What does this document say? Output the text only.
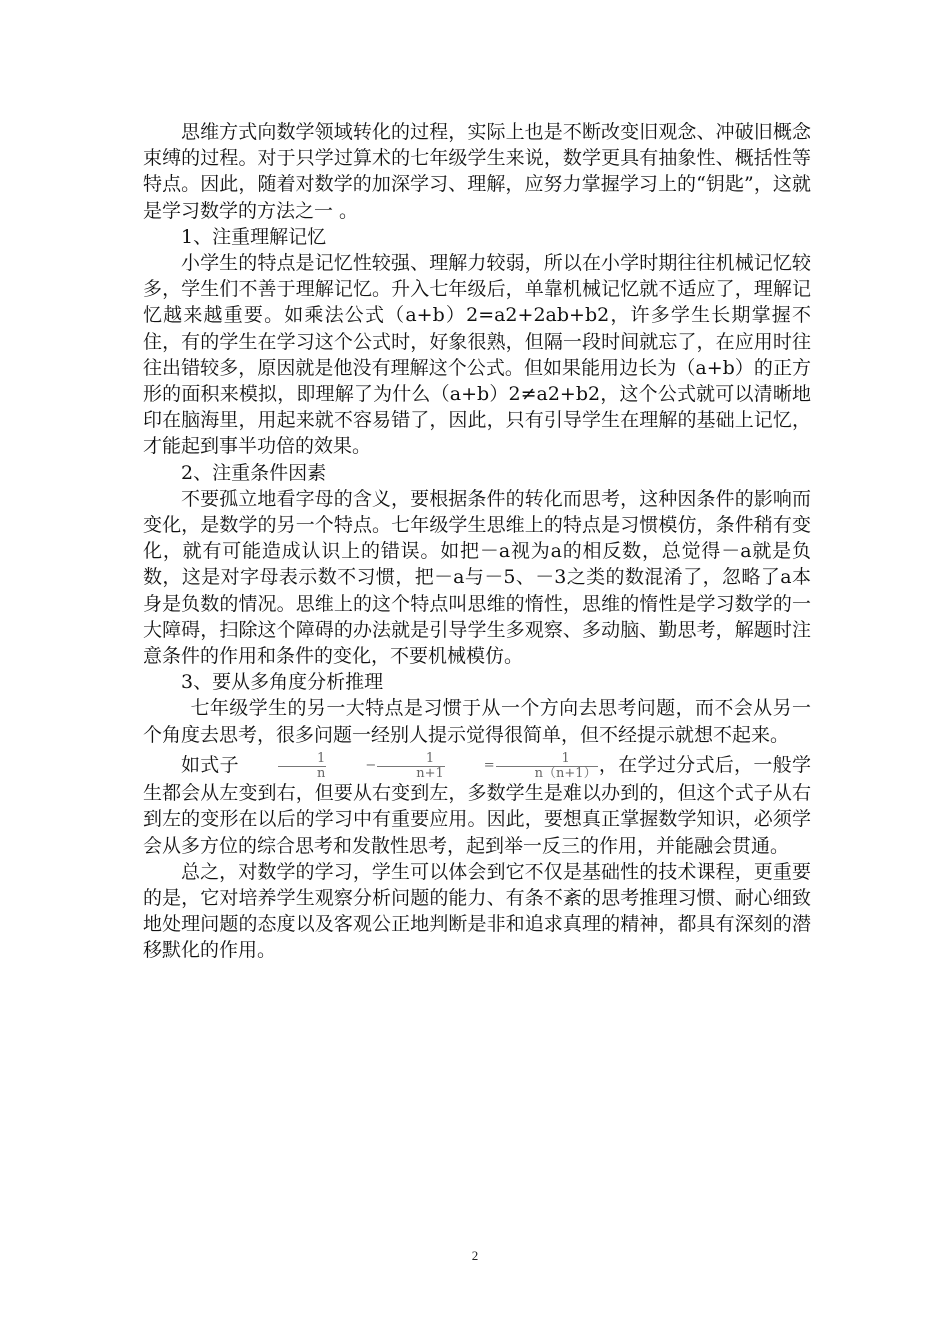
思维方式向数学领域转化的过程，实际上也是不断改变旧观念、冲破旧概念束缚的过程。对于只学过算术的七年级学生来说，数学更具有抽象性、概括性等特点。因此，随着对数学的加深学习、理解，应努力掌握学习上的“钥匙”，这就是学习数学的方法之一 。

1、注重理解记忆

小学生的特点是记忆性较强、理解力较弱，所以在小学时期往往机械记忆较多，学生们不善于理解记忆。升入七年级后，单靠机械记忆就不适应了，理解记忆越来越重要。如乘法公式（a+b）2=a2+2ab+b2，许多学生长期掌握不住，有的学生在学习这个公式时，好象很熟，但隔一段时间就忘了，在应用时往往出错较多，原因就是他没有理解这个公式。但如果能用边长为（a+b）的正方形的面积来模拟，即理解了为什么（a+b）2≠a2+b2，这个公式就可以清晰地印在脑海里，用起来就不容易错了，因此，只有引导学生在理解的基础上记忆，才能起到事半功倍的效果。

2、注重条件因素

不要孤立地看字母的含义，要根据条件的转化而思考，这种因条件的影响而变化，是数学的另一个特点。七年级学生思维上的特点是习惯模仿，条件稍有变化，就有可能造成认识上的错误。如把－a视为a的相反数，总觉得－a就是负数，这是对字母表示数不习惯，把－a与－5、－3之类的数混淆了，忽略了a本身是负数的情况。思维上的这个特点叫思维的惰性，思维的惰性是学习数学的一大障碍，扫除这个障碍的办法就是引导学生多观察、多动脑、勤思考，解题时注意条件的作用和条件的变化，不要机械模仿。

3、要从多角度分析推理

七年级学生的另一大特点是习惯于从一个方向去思考问题，而不会从另一个角度去思考，很多问题一经别人提示觉得很简单，但不经提示就想不起来。

如式子	$\frac{1}{n}$	− $\frac{1}{n+1}$	= $\frac{1}{n(n+1)}$ ，在学过分式后，一般学生都会从左变到右，但要从右变到左，多数学生是难以办到的，但这个式子从右到左的变形在以后的学习中有重要应用。因此，要想真正掌握数学知识，必须学会从多方位的综合思考和发散性思考，起到举一反三的作用，并能融会贯通。

总之，对数学的学习，学生可以体会到它不仅是基础性的技术课程，更重要的是，它对培养学生观察分析问题的能力、有条不紊的思考推理习惯、耐心细致地处理问题的态度以及客观公正地判断是非和追求真理的精神，都具有深刻的潜移默化的作用。

2
